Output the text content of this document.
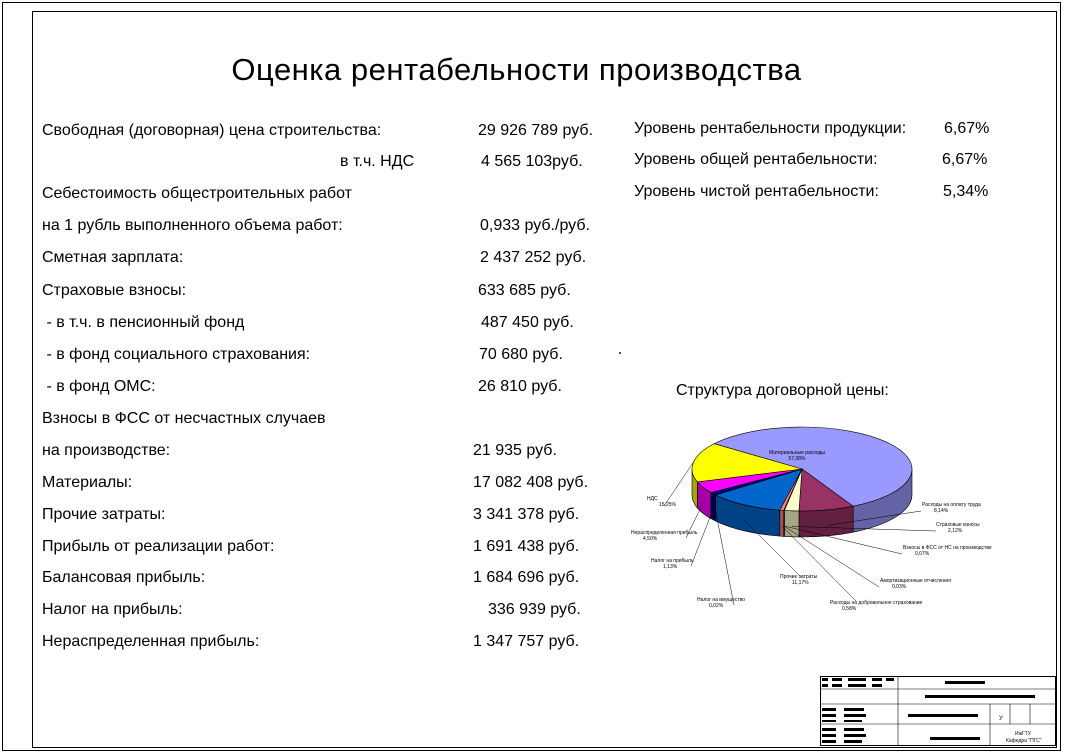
Оценка рентабельности производства
Свободная (договорная) цена строительства:	29 926 789 руб.
в т.ч. НДС	4 565 103руб.
Себестоимость общестроительных работ
на 1 рубль выполненного объема работ:	0,933 руб./руб.
Сметная зарплата:	2 437 252 руб.
Страховые взносы:	633 685 руб.
- в т.ч. в пенсионный фонд	487 450 руб.
- в фонд социального страхования:	70 680 руб.
- в фонд ОМС:	26 810 руб.
Взносы в ФСС от несчастных случаев
на производстве:	21 935 руб.
Материалы:	17 082 408 руб.
Прочие затраты:	3 341 378 руб.
Прибыль от реализации работ:	1 691 438 руб.
Балансовая прибыль:	1 684 696 руб.
Налог на прибыль:	336 939 руб.
Нераспределенная прибыль:	1 347 757 руб.
Уровень рентабельности продукции: 6,67%
Уровень общей рентабельности:	6,67%
Уровень чистой рентабельности:	5,34%
Структура договорной цены:
Материальные расходы
57,08%
Расходы на оплату труда
8,14%
Страховые взносы
2,12%
Взносы в ФСС от НС на производстве
0,07%
Амортизационные отчисления
0,03%
Расходы на добровольное страхование
0,58%
Прочие затраты
11,17%
Налог на имущество
0,02%
Налог на прибыль
1,13%
Нераспределенная прибыль
4,50%
НДС
15,25%
У
ИжГТУ
Кафедра "ПГС"
